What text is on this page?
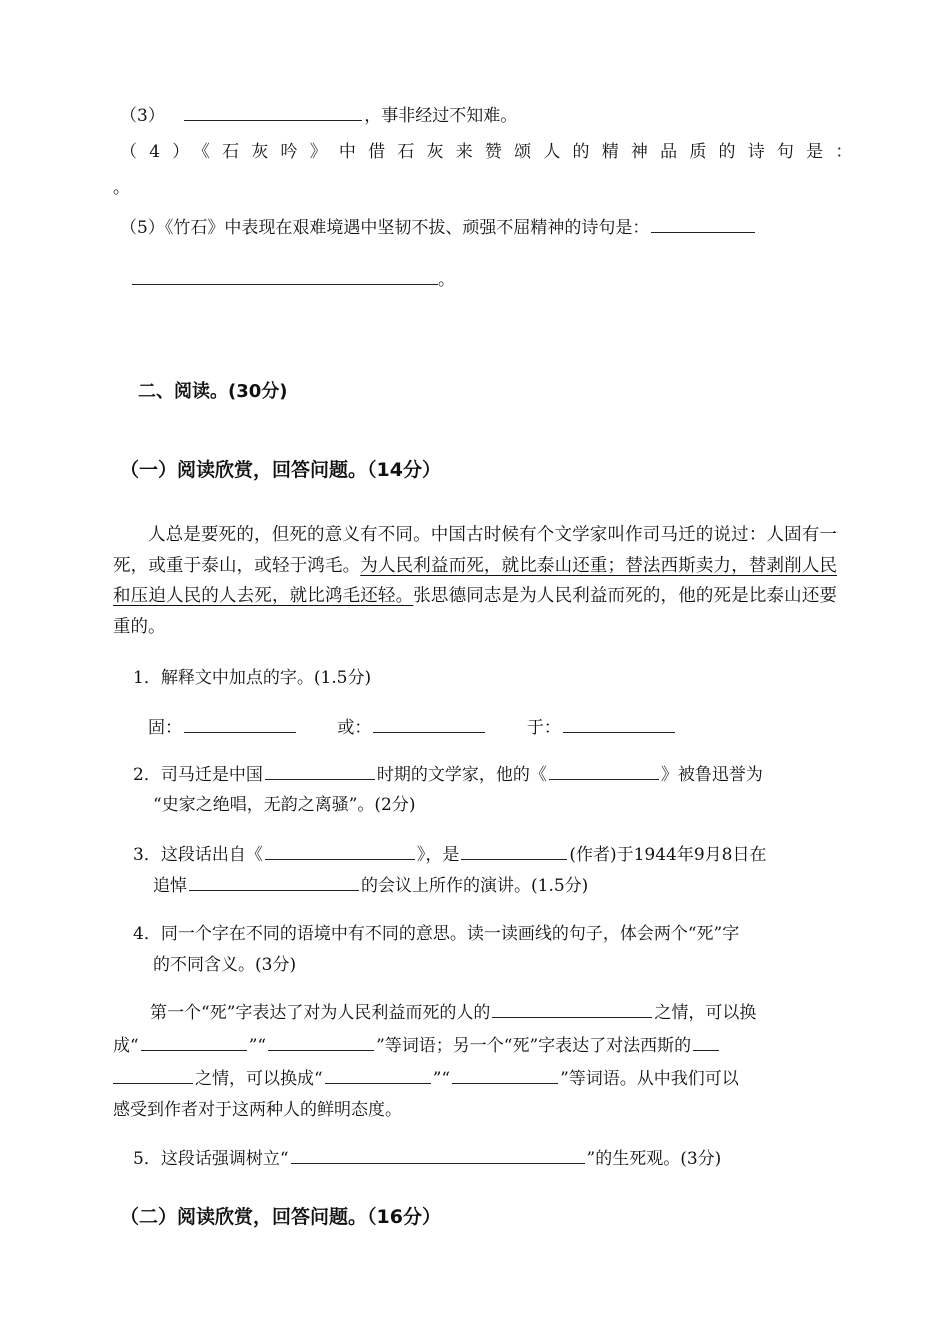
（3）	，事非经过不知难。
（4）《石灰吟》中借石灰来赞颂人的精神品质的诗句是：
。
（5）《竹石》中表现在艰难境遇中坚韧不拔、顽强不屈精神的诗句是：
。
二、阅读。(30分)
（一）阅读欣赏，回答问题。（14分）
人总是要死的，但死的意义有不同。中国古时候有个文学家叫作司马迁的说过：人固有一死，或重于泰山，或轻于鸿毛。为人民利益而死，就比泰山还重；替法西斯卖力，替剥削人民和压迫人民的人去死，就比鸿毛还轻。张思德同志是为人民利益而死的，他的死是比泰山还要重的。
1．解释文中加点的字。(1.5分)
固：	或：	于：
2．司马迁是中国	时期的文学家，他的《	》被鲁迅誉为
“史家之绝唱，无韵之离骚”。(2分)
3．这段话出自《	》，是	(作者)于1944年9月8日在
追悼	的会议上所作的演讲。(1.5分)
4．同一个字在不同的语境中有不同的意思。读一读画线的句子，体会两个“死”字
的不同含义。(3分)
第一个“死”字表达了对为人民利益而死的人的	之情，可以换
成“	”“	”等词语；另一个“死”字表达了对法西斯的
之情，可以换成“	”“	”等词语。从中我们可以
感受到作者对于这两种人的鲜明态度。
5．这段话强调树立“	”的生死观。(3分)
（二）阅读欣赏，回答问题。（16分）
